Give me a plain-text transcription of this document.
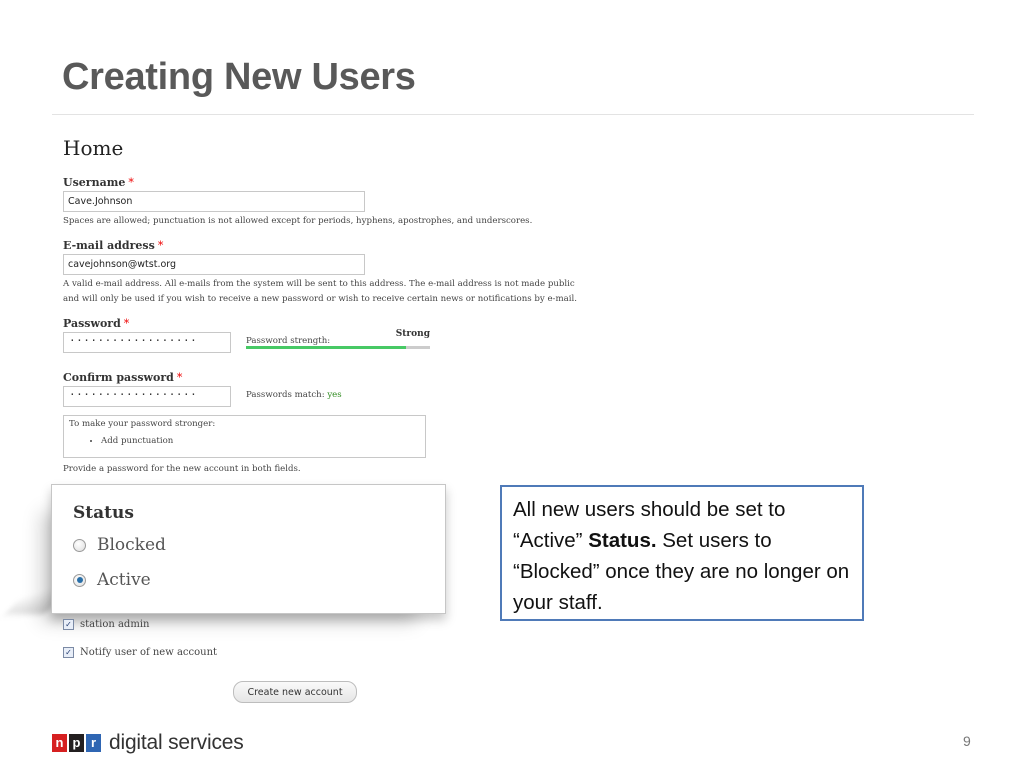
Creating New Users
Home
Username *
Cave.Johnson

Spaces are allowed; punctuation is not allowed except for periods, hyphens, apostrophes, and underscores.

E-mail address *
cavejohnson@wtst.org

A valid e-mail address. All e-mails from the system will be sent to this address. The e-mail address is not made public

and will only be used if you wish to receive a new password or wish to receive certain news or notifications by e-mail.

Password *
··················	Password strength:
Strong
Confirm password *
··················	Passwords match: yes
To make your password stronger:
• Add punctuation

Provide a password for the new account in both fields.

Status
Blocked
Active
✓ station admin
✓ Notify user of new account
Create new account
All new users should be set to “Active” Status. Set users to “Blocked” once they are no longer on your staff.
n p r digital services	9
